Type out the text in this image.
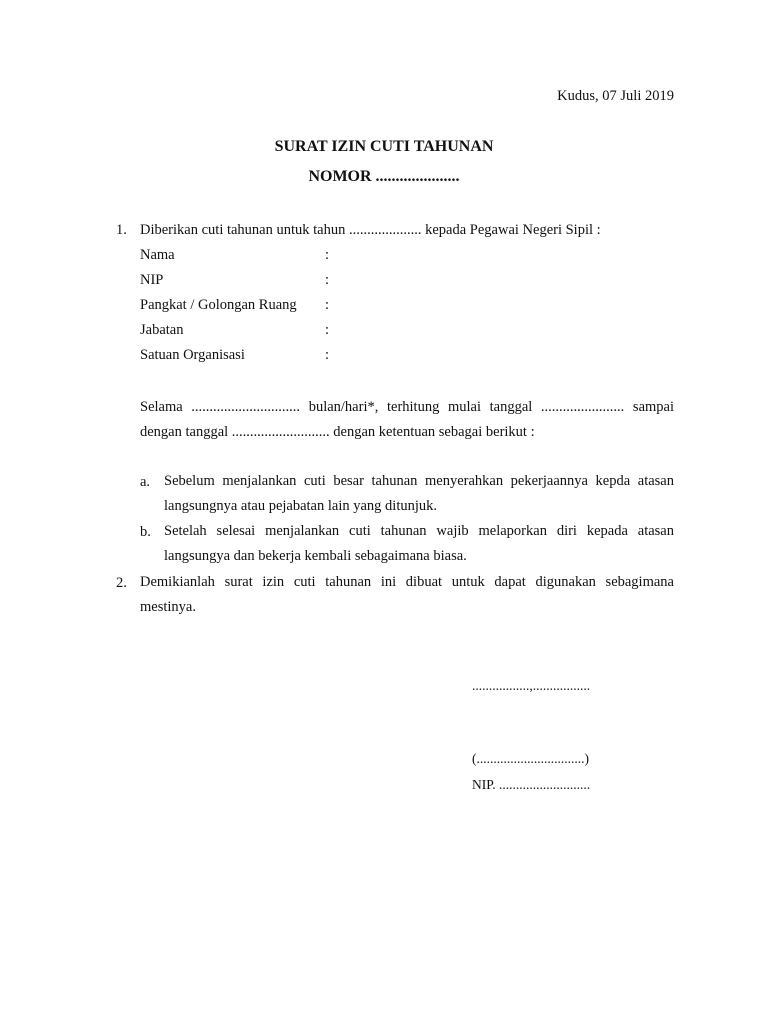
Kudus, 07 Juli 2019
SURAT IZIN CUTI TAHUNAN
NOMOR .....................
1. Diberikan cuti tahunan untuk tahun .................... kepada Pegawai Negeri Sipil :
Nama	:
NIP	:
Pangkat / Golongan Ruang :
Jabatan	:
Satuan Organisasi	:
Selama .............................. bulan/hari*, terhitung mulai tanggal ....................... sampai
dengan tanggal ........................... dengan ketentuan sebagai berikut :
a. Sebelum menjalankan cuti besar tahunan menyerahkan pekerjaannya kepda atasan
langsungnya atau pejabatan lain yang ditunjuk.
b. Setelah selesai menjalankan cuti tahunan wajib melaporkan diri kepada atasan
langsungya dan bekerja kembali sebagaimana biasa.
2. Demikianlah surat izin cuti tahunan ini dibuat untuk dapat digunakan sebagimana
mestinya.
.................,.................
(................................)
NIP. ...........................
